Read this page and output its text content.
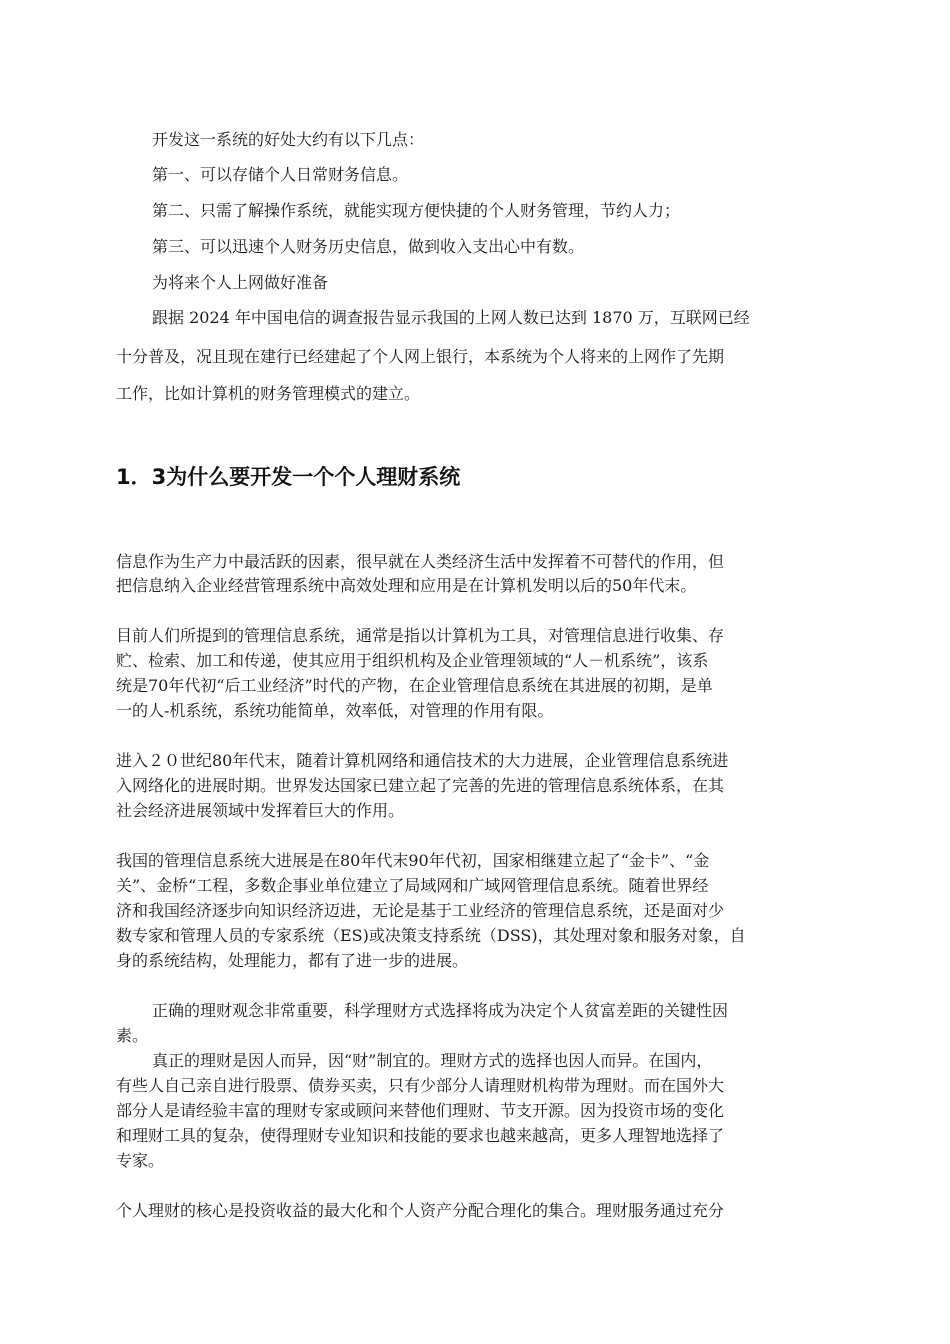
开发这一系统的好处大约有以下几点：
第一、可以存储个人日常财务信息。
第二、只需了解操作系统，就能实现方便快捷的个人财务管理，节约人力；
第三、可以迅速个人财务历史信息，做到收入支出心中有数。
为将来个人上网做好准备
跟据 2024 年中国电信的调查报告显示我国的上网人数已达到 1870 万，互联网已经
十分普及，况且现在建行已经建起了个人网上银行，本系统为个人将来的上网作了先期
工作，比如计算机的财务管理模式的建立。
1．3为什么要开发一个个人理财系统
信息作为生产力中最活跃的因素，很早就在人类经济生活中发挥着不可替代的作用，但
把信息纳入企业经营管理系统中高效处理和应用是在计算机发明以后的50年代末。
目前人们所提到的管理信息系统，通常是指以计算机为工具，对管理信息进行收集、存
贮、检索、加工和传递，使其应用于组织机构及企业管理领域的“人－机系统”，该系
统是70年代初“后工业经济”时代的产物，在企业管理信息系统在其进展的初期，是单
一的人-机系统，系统功能简单，效率低，对管理的作用有限。
进入２０世纪80年代末，随着计算机网络和通信技术的大力进展，企业管理信息系统进
入网络化的进展时期。世界发达国家已建立起了完善的先进的管理信息系统体系，在其
社会经济进展领域中发挥着巨大的作用。
我国的管理信息系统大进展是在80年代末90年代初，国家相继建立起了“金卡”、“金
关”、金桥“工程，多数企事业单位建立了局域网和广域网管理信息系统。随着世界经
济和我国经济逐步向知识经济迈进，无论是基于工业经济的管理信息系统，还是面对少
数专家和管理人员的专家系统（ES)或决策支持系统（DSS)，其处理对象和服务对象，自
身的系统结构，处理能力，都有了进一步的进展。
正确的理财观念非常重要，科学理财方式选择将成为决定个人贫富差距的关键性因
素。
真正的理财是因人而异，因“财”制宜的。理财方式的选择也因人而异。在国内，
有些人自己亲自进行股票、债券买卖，只有少部分人请理财机构带为理财。而在国外大
部分人是请经验丰富的理财专家或顾问来替他们理财、节支开源。因为投资市场的变化
和理财工具的复杂，使得理财专业知识和技能的要求也越来越高，更多人理智地选择了
专家。
个人理财的核心是投资收益的最大化和个人资产分配合理化的集合。理财服务通过充分
